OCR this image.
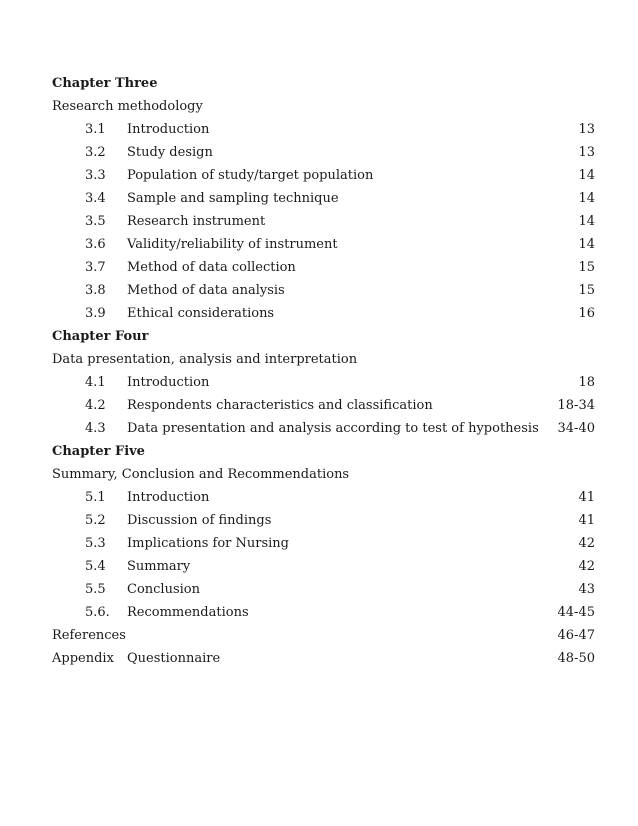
Chapter Three
Research methodology
3.1 Introduction	13
3.2 Study design	13
3.3 Population of study/target population	14
3.4 Sample and sampling technique	14
3.5 Research instrument	14
3.6 Validity/reliability of instrument	14
3.7 Method of data collection	15
3.8 Method of data analysis	15
3.9 Ethical considerations	16
Chapter Four
Data presentation, analysis and interpretation
4.1 Introduction	18
4.2 Respondents characteristics and classification	18-34
4.3 Data presentation and analysis according to test of hypothesis 34-40
Chapter Five
Summary, Conclusion and Recommendations
5.1 Introduction	41
5.2 Discussion of findings	41
5.3 Implications for Nursing	42
5.4 Summary	42
5.5 Conclusion	43
5.6. Recommendations	44-45
References	46-47
Appendix Questionnaire	48-50
